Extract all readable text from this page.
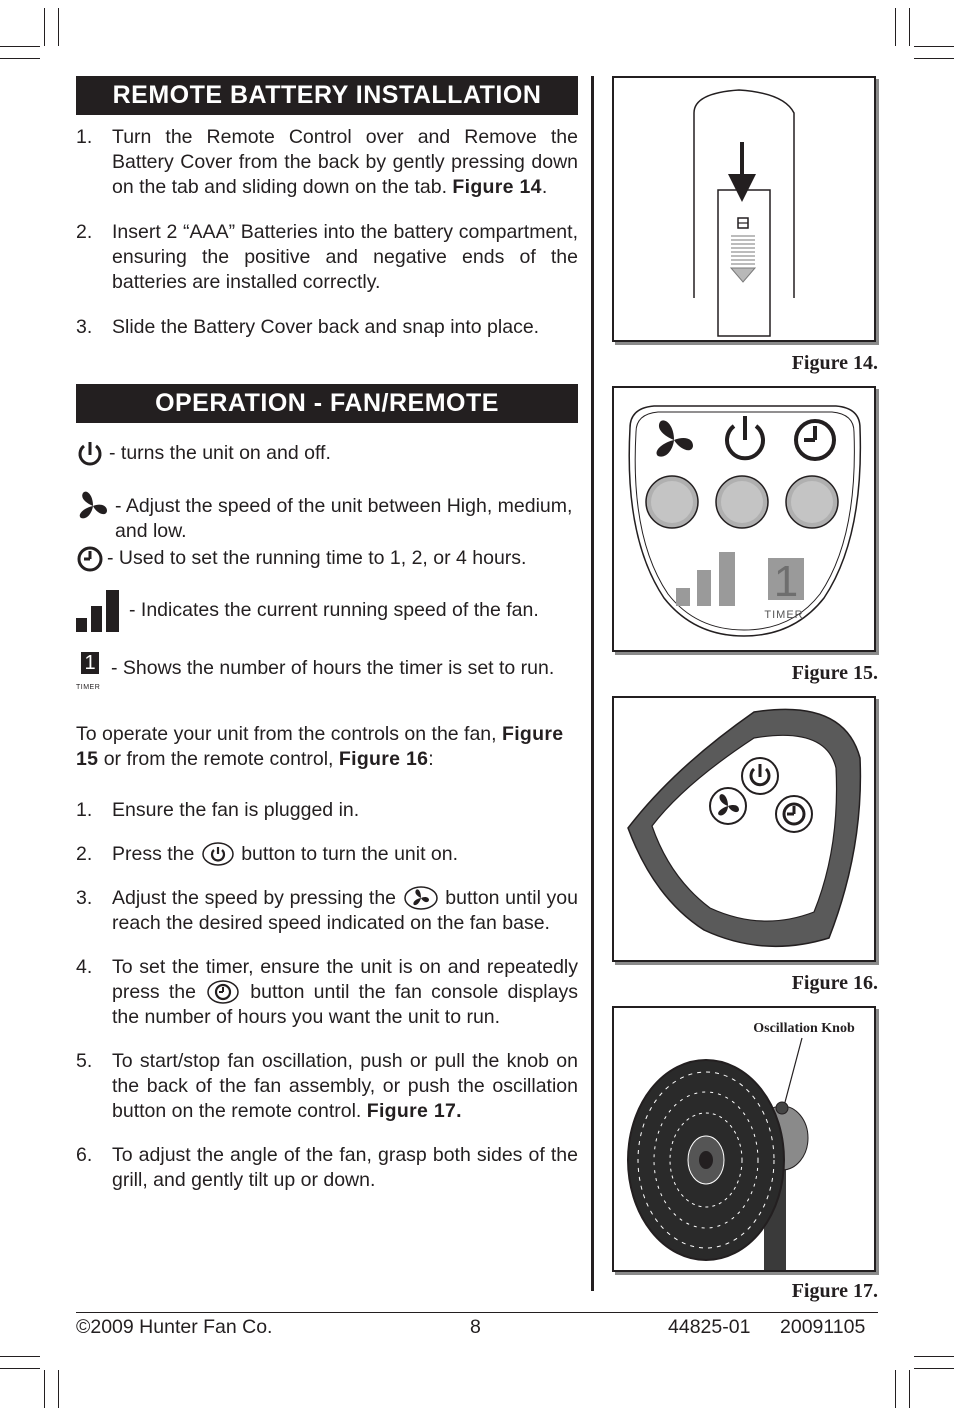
REMOTE BATTERY INSTALLATION
1. Turn the Remote Control over and Remove the Battery Cover from the back by gently pressing down on the tab and sliding down on the tab. Figure 14.
2. Insert 2 “AAA” Batteries into the battery compartment, ensuring the positive and negative ends of the batteries are installed correctly.
3. Slide the Battery Cover back and snap into place.
OPERATION - FAN/REMOTE
- turns the unit on and off.
- Adjust the speed of the unit between High, medium, and low.
- Used to set the running time to 1, 2, or 4 hours.
- Indicates the current running speed of the fan.
1
TIMER
- Shows the number of hours the timer is set to run.

To operate your unit from the controls on the fan, Figure 15 or from the remote control, Figure 16:

1. Ensure the fan is plugged in.
2. Press the  button to turn the unit on.
3. Adjust the speed by pressing the  button until you reach the desired speed indicated on the fan base.
4. To set the timer, ensure the unit is on and repeatedly press the  button until the fan console displays the number of hours you want the unit to run.
5. To start/stop fan oscillation, push or pull the knob on the back of the fan assembly, or push the oscillation button on the remote control. Figure 17.
6. To adjust the angle of the fan, grasp both sides of the grill, and gently tilt up or down.
Figure 14.
1
TIMER
Figure 15.
Figure 16.
Oscillation Knob
Figure 17.
©2009 Hunter Fan Co.	8	44825-01 20091105
